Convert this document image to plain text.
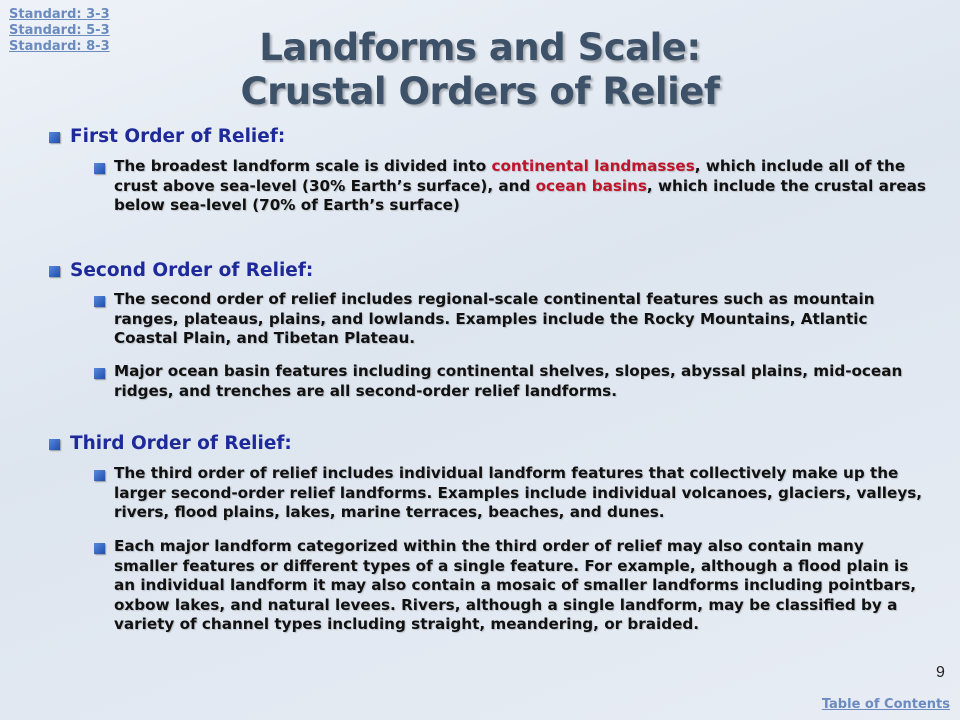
Standard: 3-3
Standard: 5-3
Standard: 8-3	Landforms and Scale:
Crustal Orders of Relief
First Order of Relief:
The broadest landform scale is divided into continental landmasses, which include all of the crust above sea-level (30% Earth’s surface), and ocean basins, which include the crustal areas below sea-level (70% of Earth’s surface)
Second Order of Relief:
The second order of relief includes regional-scale continental features such as mountain ranges, plateaus, plains, and lowlands. Examples include the Rocky Mountains, Atlantic Coastal Plain, and Tibetan Plateau.
Major ocean basin features including continental shelves, slopes, abyssal plains, mid-ocean ridges, and trenches are all second-order relief landforms.
Third Order of Relief:
The third order of relief includes individual landform features that collectively make up the larger second-order relief landforms. Examples include individual volcanoes, glaciers, valleys, rivers, flood plains, lakes, marine terraces, beaches, and dunes.
Each major landform categorized within the third order of relief may also contain many smaller features or different types of a single feature. For example, although a flood plain is an individual landform it may also contain a mosaic of smaller landforms including pointbars, oxbow lakes, and natural levees. Rivers, although a single landform, may be classified by a variety of channel types including straight, meandering, or braided.
9
Table of Contents
